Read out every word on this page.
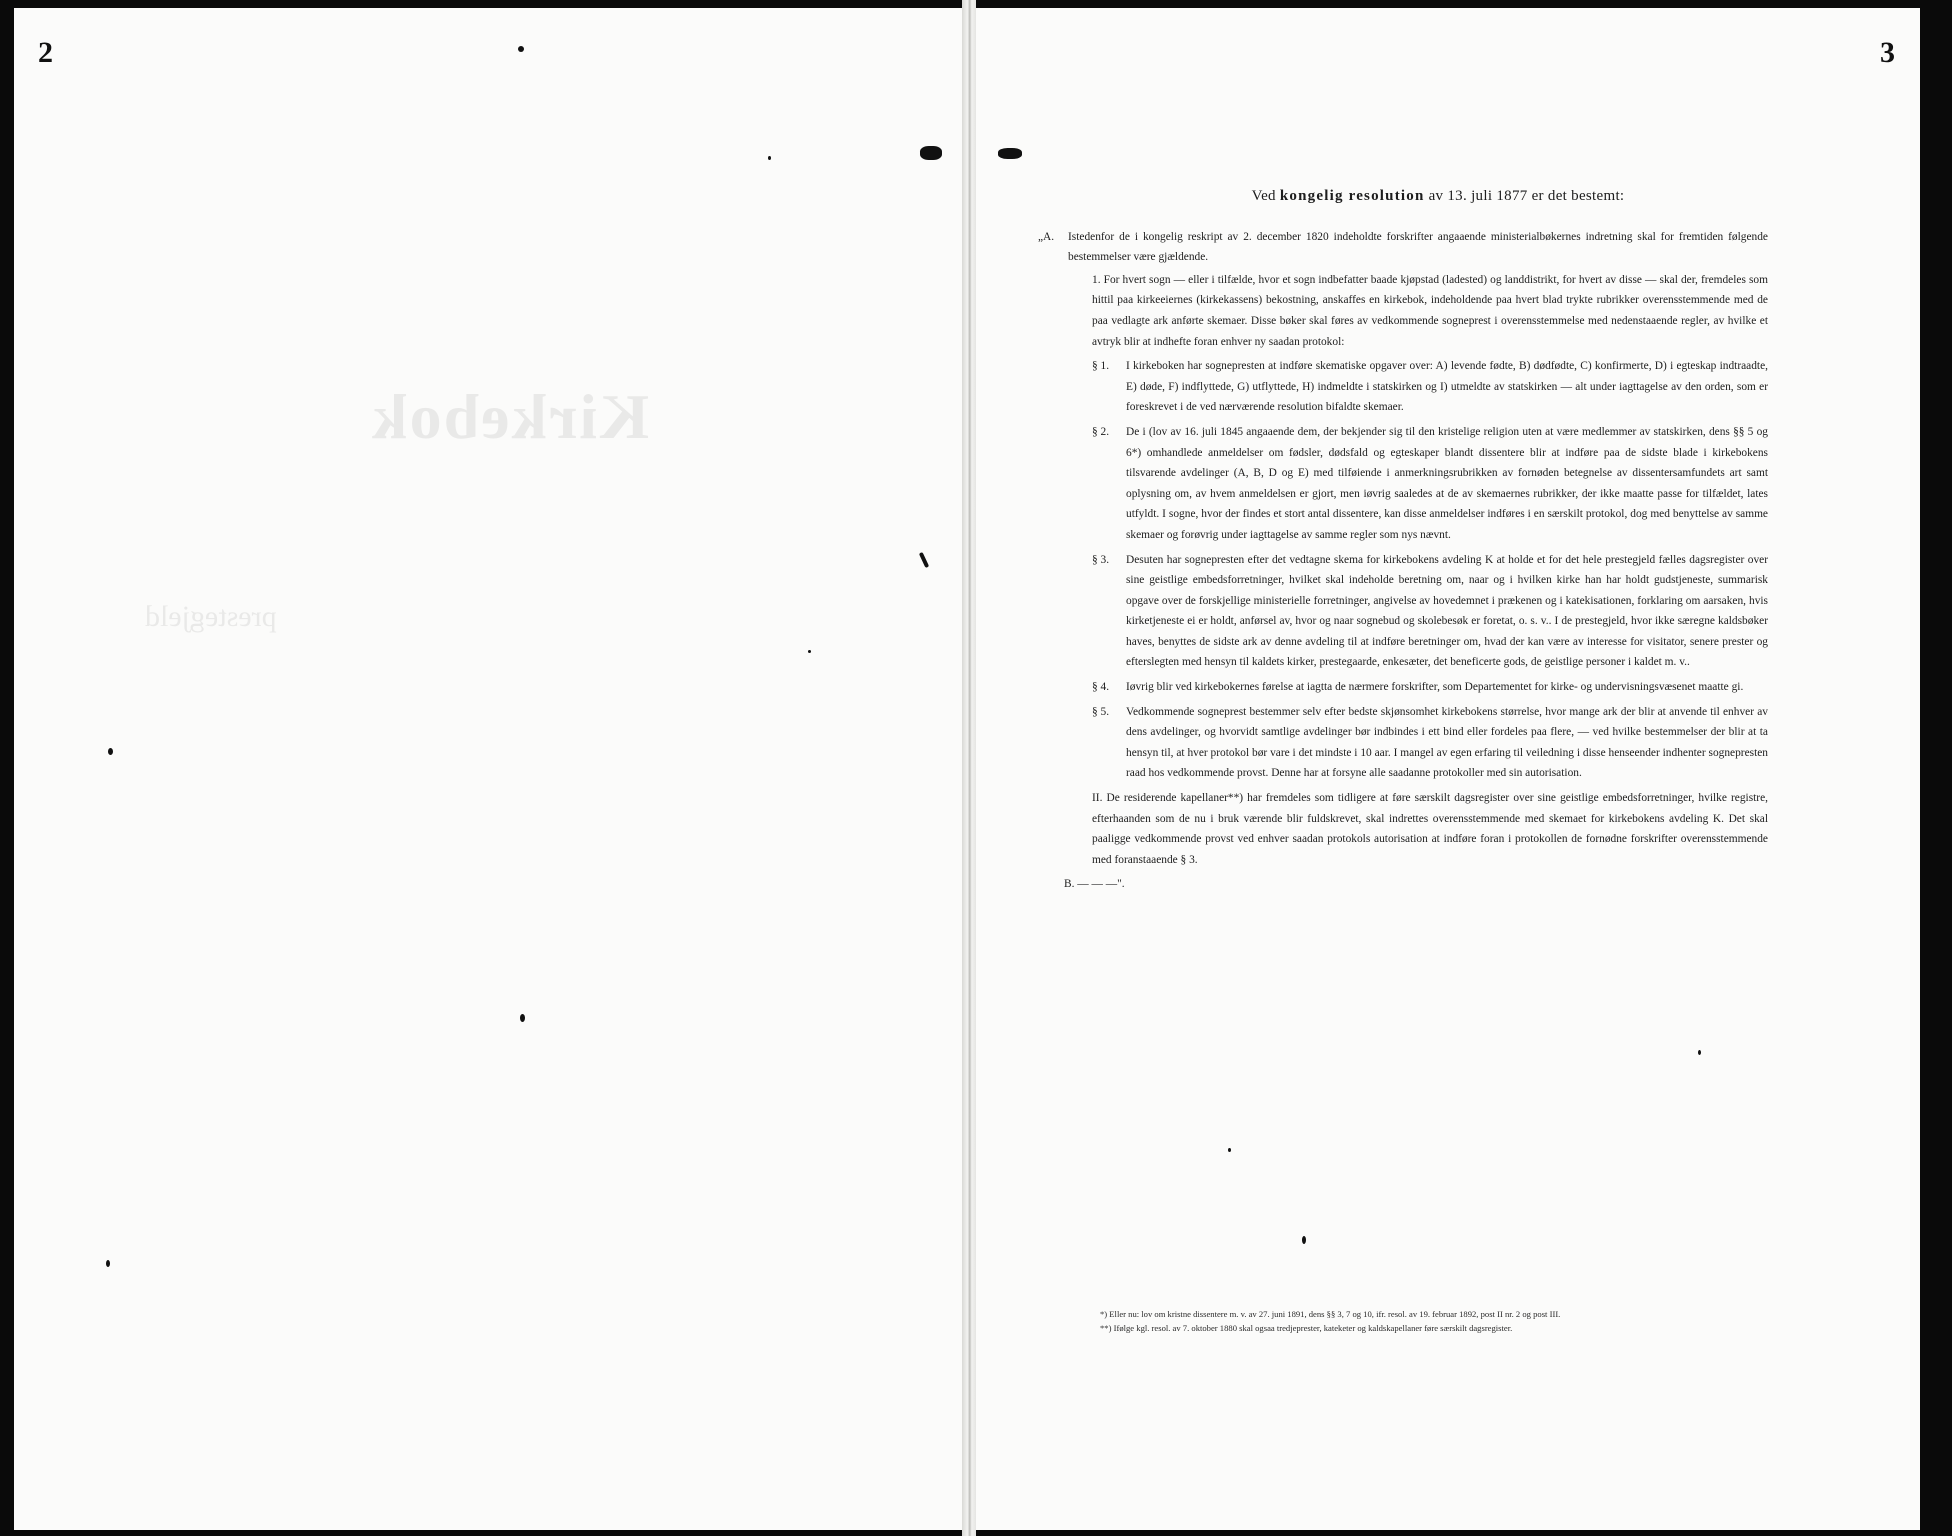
2	3
Kirkebok
prestegjeld

Ved kongelig resolution av 13. juli 1877 er det bestemt:

„A. Istedenfor de i kongelig reskript av 2. december 1820 indeholdte forskrifter angaaende ministerialbøkernes indretning skal for fremtiden følgende bestemmelser være gjældende.
1. For hvert sogn — eller i tilfælde, hvor et sogn indbefatter baade kjøpstad (ladested) og landdistrikt, for hvert av disse — skal der, fremdeles som hittil paa kirkeeiernes (kirkekassens) bekostning, anskaffes en kirkebok, indeholdende paa hvert blad trykte rubrikker overensstemmende med de paa vedlagte ark anførte skemaer. Disse bøker skal føres av vedkommende sogneprest i overensstemmelse med nedenstaaende regler, av hvilke et avtryk blir at indhefte foran enhver ny saadan protokol:
§ 1. I kirkeboken har sognepresten at indføre skematiske opgaver over: A) levende fødte, B) dødfødte, C) konfirmerte, D) i egteskap indtraadte, E) døde, F) indflyttede, G) utflyttede, H) indmeldte i statskirken og I) utmeldte av statskirken — alt under iagttagelse av den orden, som er foreskrevet i de ved nærværende resolution bifaldte skemaer.
§ 2. De i (lov av 16. juli 1845 angaaende dem, der bekjender sig til den kristelige religion uten at være medlemmer av statskirken, dens §§ 5 og 6*) omhandlede anmeldelser om fødsler, dødsfald og egteskaper blandt dissentere blir at indføre paa de sidste blade i kirkebokens tilsvarende avdelinger (A, B, D og E) med tilføiende i anmerkningsrubrikken av fornøden betegnelse av dissentersamfundets art samt oplysning om, av hvem anmeldelsen er gjort, men iøvrig saaledes at de av skemaernes rubrikker, der ikke maatte passe for tilfældet, lates utfyldt. I sogne, hvor der findes et stort antal dissentere, kan disse anmeldelser indføres i en særskilt protokol, dog med benyttelse av samme skemaer og forøvrig under iagttagelse av samme regler som nys nævnt.
§ 3. Desuten har sognepresten efter det vedtagne skema for kirkebokens avdeling K at holde et for det hele prestegjeld fælles dagsregister over sine geistlige embedsforretninger, hvilket skal indeholde beretning om, naar og i hvilken kirke han har holdt gudstjeneste, summarisk opgave over de forskjellige ministerielle forretninger, angivelse av hovedemnet i prækenen og i katekisationen, forklaring om aarsaken, hvis kirketjeneste ei er holdt, anførsel av, hvor og naar sognebud og skolebesøk er foretat, o. s. v.. I de prestegjeld, hvor ikke særegne kaldsbøker haves, benyttes de sidste ark av denne avdeling til at indføre beretninger om, hvad der kan være av interesse for visitator, senere prester og efterslegten med hensyn til kaldets kirker, prestegaarde, enkesæter, det beneficerte gods, de geistlige personer i kaldet m. v..
§ 4. Iøvrig blir ved kirkebokernes førelse at iagtta de nærmere forskrifter, som Departementet for kirke- og undervisningsvæsenet maatte gi.
§ 5. Vedkommende sogneprest bestemmer selv efter bedste skjønsomhet kirkebokens størrelse, hvor mange ark der blir at anvende til enhver av dens avdelinger, og hvorvidt samtlige avdelinger bør indbindes i ett bind eller fordeles paa flere, — ved hvilke bestemmelser der blir at ta hensyn til, at hver protokol bør vare i det mindste i 10 aar. I mangel av egen erfaring til veiledning i disse henseender indhenter sognepresten raad hos vedkommende provst. Denne har at forsyne alle saadanne protokoller med sin autorisation.
II. De residerende kapellaner**) har fremdeles som tidligere at føre særskilt dagsregister over sine geistlige embedsforretninger, hvilke registre, efterhaanden som de nu i bruk værende blir fuldskrevet, skal indrettes overensstemmende med skemaet for kirkebokens avdeling K. Det skal paaligge vedkommende provst ved enhver saadan protokols autorisation at indføre foran i protokollen de fornødne forskrifter overensstemmende med foranstaaende § 3.
B. — — —".

*) Eller nu: lov om kristne dissentere m. v. av 27. juni 1891, dens §§ 3, 7 og 10, ifr. resol. av 19. februar 1892, post II nr. 2 og post III.

**) Ifølge kgl. resol. av 7. oktober 1880 skal ogsaa tredjeprester, kateketer og kaldskapellaner føre særskilt dagsregister.
